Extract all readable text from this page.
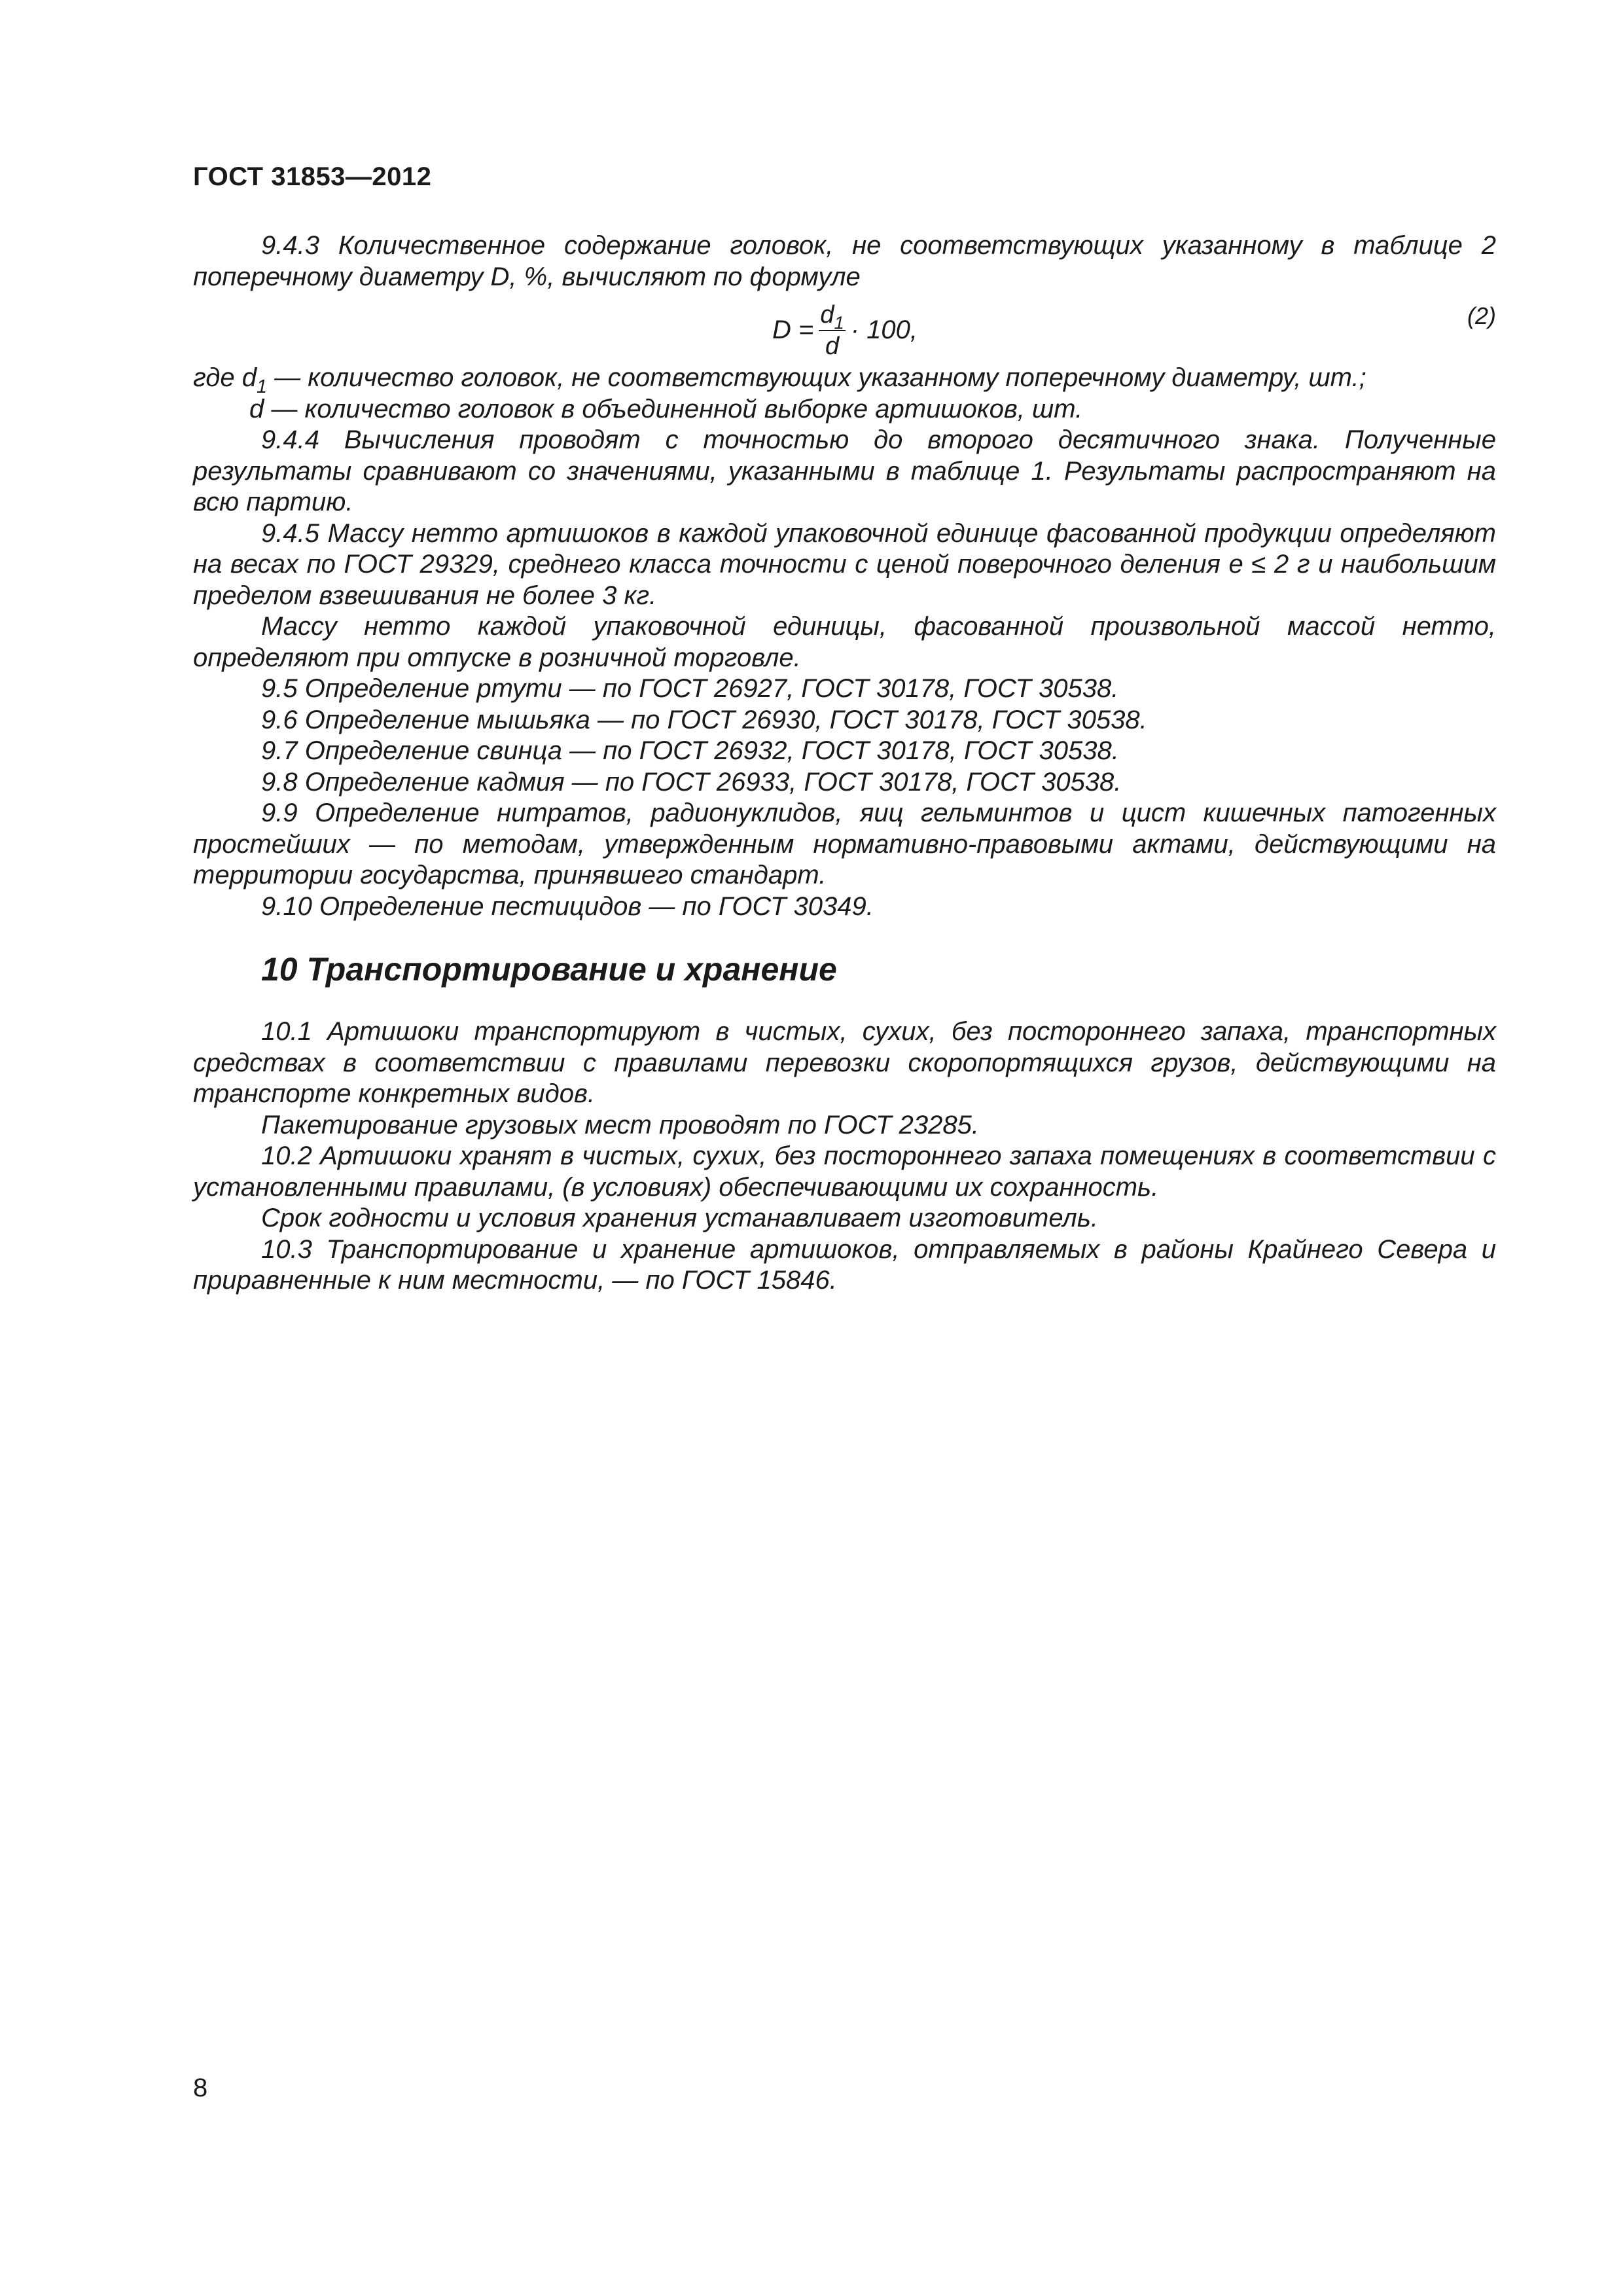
ГОСТ 31853—2012

9.4.3 Количественное содержание головок, не соответствующих указанному в таблице 2 поперечному диаметру D, %, вычисляют по формуле

$D = \frac{d_1}{d} \cdot 100$,	(2)

где $d_1$ — количество головок, не соответствующих указанному поперечному диаметру, шт.;

d — количество головок в объединенной выборке артишоков, шт.

9.4.4 Вычисления проводят с точностью до второго десятичного знака. Полученные результаты сравнивают со значениями, указанными в таблице 1. Результаты распространяют на всю партию.

9.4.5 Массу нетто артишоков в каждой упаковочной единице фасованной продукции определяют на весах по ГОСТ 29329, среднего класса точности с ценой поверочного деления е ≤ 2 г и наибольшим пределом взвешивания не более 3 кг.

Массу нетто каждой упаковочной единицы, фасованной произвольной массой нетто, определяют при отпуске в розничной торговле.

9.5 Определение ртути — по ГОСТ 26927, ГОСТ 30178, ГОСТ 30538.

9.6 Определение мышьяка — по ГОСТ 26930, ГОСТ 30178, ГОСТ 30538.

9.7 Определение свинца — по ГОСТ 26932, ГОСТ 30178, ГОСТ 30538.

9.8 Определение кадмия — по ГОСТ 26933, ГОСТ 30178, ГОСТ 30538.

9.9 Определение нитратов, радионуклидов, яиц гельминтов и цист кишечных патогенных простейших — по методам, утвержденным нормативно-правовыми актами, действующими на территории государства, принявшего стандарт.

9.10 Определение пестицидов — по ГОСТ 30349.

10 Транспортирование и хранение

10.1 Артишоки транспортируют в чистых, сухих, без постороннего запаха, транспортных средствах в соответствии с правилами перевозки скоропортящихся грузов, действующими на транспорте конкретных видов.

Пакетирование грузовых мест проводят по ГОСТ 23285.

10.2 Артишоки хранят в чистых, сухих, без постороннего запаха помещениях в соответствии с установленными правилами, (в условиях) обеспечивающими их сохранность.

Срок годности и условия хранения устанавливает изготовитель.

10.3 Транспортирование и хранение артишоков, отправляемых в районы Крайнего Севера и приравненные к ним местности, — по ГОСТ 15846.

8
